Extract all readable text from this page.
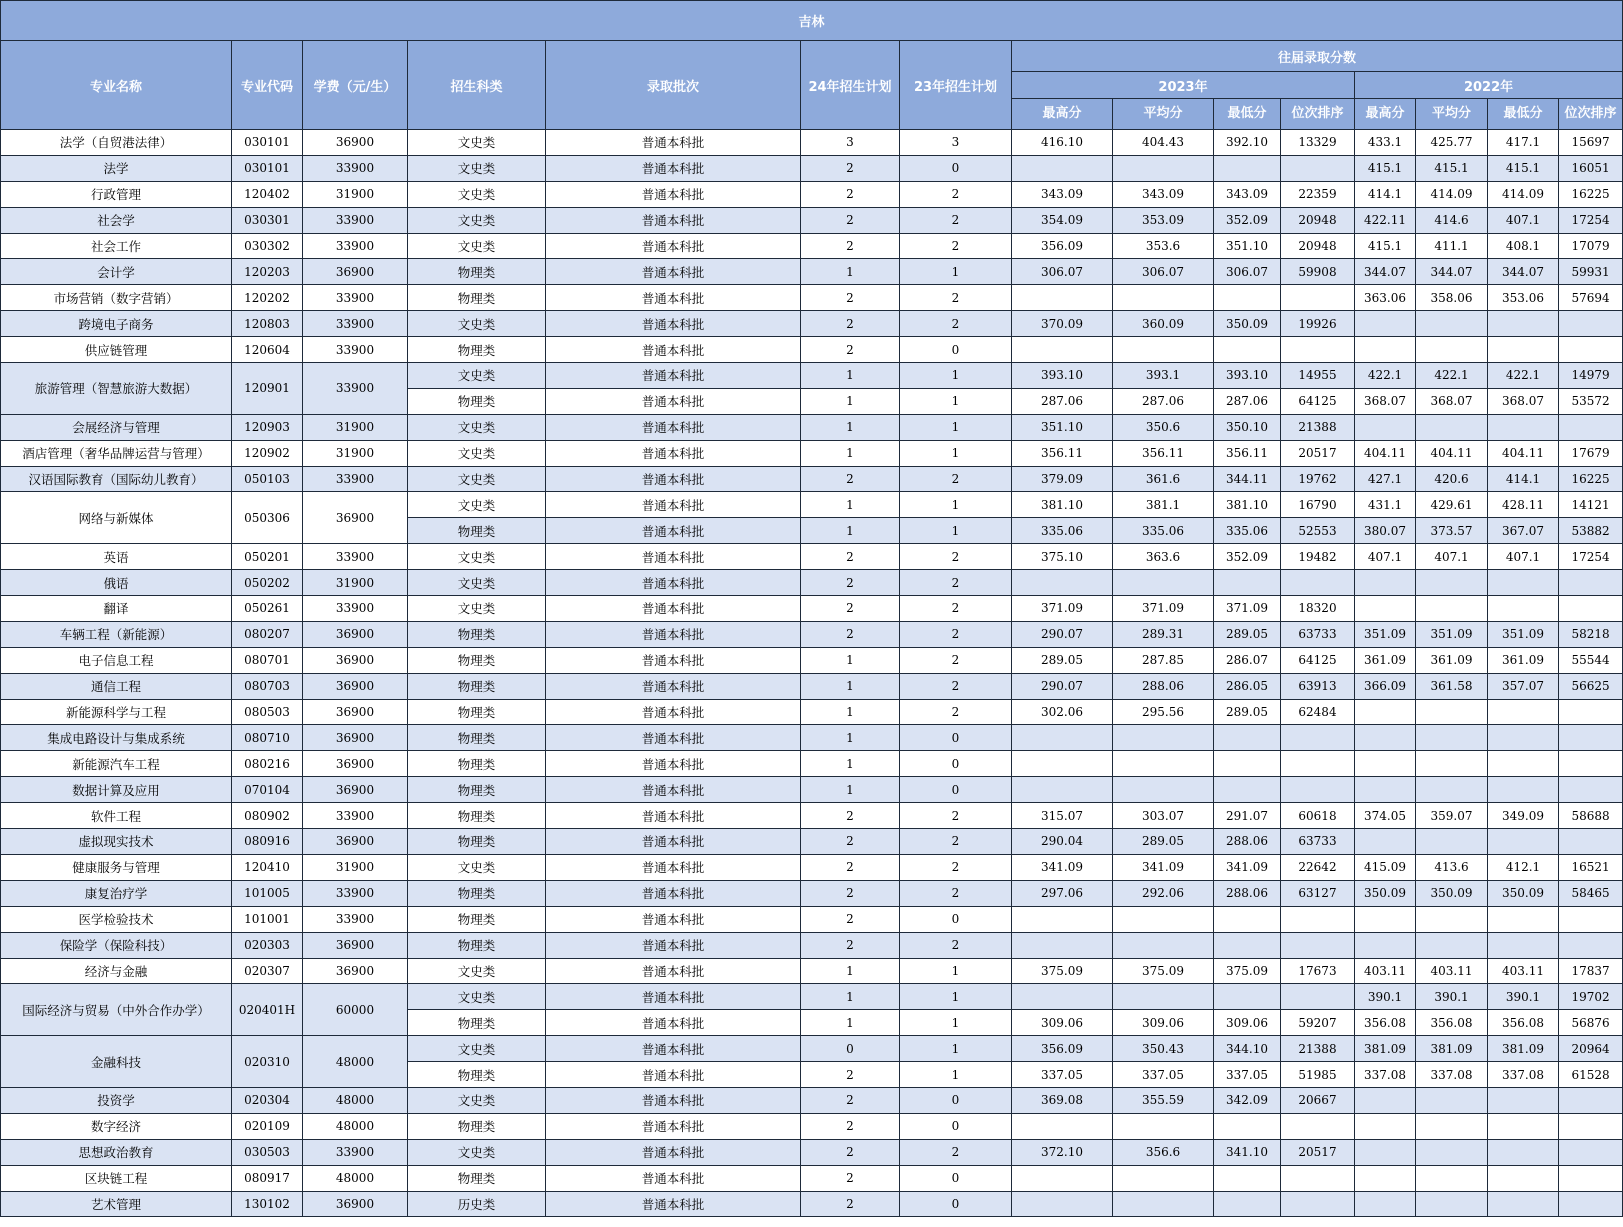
吉林														
专业名称	专业代码	学费（元/生）	招生科类	录取批次	24年招生计划	23年招生计划	往届录取分数							
							2023年				2022年			
							最高分	平均分	最低分	位次排序	最高分	平均分	最低分	位次排序
法学（自贸港法律）	030101	36900	文史类	普通本科批	3	3	416.10	404.43	392.10	13329	433.1	425.77	417.1	15697
法学	030101	33900	文史类	普通本科批	2	0					415.1	415.1	415.1	16051
行政管理	120402	31900	文史类	普通本科批	2	2	343.09	343.09	343.09	22359	414.1	414.09	414.09	16225
社会学	030301	33900	文史类	普通本科批	2	2	354.09	353.09	352.09	20948	422.11	414.6	407.1	17254
社会工作	030302	33900	文史类	普通本科批	2	2	356.09	353.6	351.10	20948	415.1	411.1	408.1	17079
会计学	120203	36900	物理类	普通本科批	1	1	306.07	306.07	306.07	59908	344.07	344.07	344.07	59931
市场营销（数字营销）	120202	33900	物理类	普通本科批	2	2					363.06	358.06	353.06	57694
跨境电子商务	120803	33900	文史类	普通本科批	2	2	370.09	360.09	350.09	19926				
供应链管理	120604	33900	物理类	普通本科批	2	0								
旅游管理（智慧旅游大数据）	120901	33900	文史类	普通本科批	1	1	393.10	393.1	393.10	14955	422.1	422.1	422.1	14979
			物理类	普通本科批	1	1	287.06	287.06	287.06	64125	368.07	368.07	368.07	53572
会展经济与管理	120903	31900	文史类	普通本科批	1	1	351.10	350.6	350.10	21388				
酒店管理（奢华品牌运营与管理）	120902	31900	文史类	普通本科批	1	1	356.11	356.11	356.11	20517	404.11	404.11	404.11	17679
汉语国际教育（国际幼儿教育）	050103	33900	文史类	普通本科批	2	2	379.09	361.6	344.11	19762	427.1	420.6	414.1	16225
网络与新媒体	050306	36900	文史类	普通本科批	1	1	381.10	381.1	381.10	16790	431.1	429.61	428.11	14121
			物理类	普通本科批	1	1	335.06	335.06	335.06	52553	380.07	373.57	367.07	53882
英语	050201	33900	文史类	普通本科批	2	2	375.10	363.6	352.09	19482	407.1	407.1	407.1	17254
俄语	050202	31900	文史类	普通本科批	2	2								
翻译	050261	33900	文史类	普通本科批	2	2	371.09	371.09	371.09	18320				
车辆工程（新能源）	080207	36900	物理类	普通本科批	2	2	290.07	289.31	289.05	63733	351.09	351.09	351.09	58218
电子信息工程	080701	36900	物理类	普通本科批	1	2	289.05	287.85	286.07	64125	361.09	361.09	361.09	55544
通信工程	080703	36900	物理类	普通本科批	1	2	290.07	288.06	286.05	63913	366.09	361.58	357.07	56625
新能源科学与工程	080503	36900	物理类	普通本科批	1	2	302.06	295.56	289.05	62484				
集成电路设计与集成系统	080710	36900	物理类	普通本科批	1	0								
新能源汽车工程	080216	36900	物理类	普通本科批	1	0								
数据计算及应用	070104	36900	物理类	普通本科批	1	0								
软件工程	080902	33900	物理类	普通本科批	2	2	315.07	303.07	291.07	60618	374.05	359.07	349.09	58688
虚拟现实技术	080916	36900	物理类	普通本科批	2	2	290.04	289.05	288.06	63733				
健康服务与管理	120410	31900	文史类	普通本科批	2	2	341.09	341.09	341.09	22642	415.09	413.6	412.1	16521
康复治疗学	101005	33900	物理类	普通本科批	2	2	297.06	292.06	288.06	63127	350.09	350.09	350.09	58465
医学检验技术	101001	33900	物理类	普通本科批	2	0								
保险学（保险科技）	020303	36900	物理类	普通本科批	2	2								
经济与金融	020307	36900	文史类	普通本科批	1	1	375.09	375.09	375.09	17673	403.11	403.11	403.11	17837
国际经济与贸易（中外合作办学）	020401H	60000	文史类	普通本科批	1	1					390.1	390.1	390.1	19702
			物理类	普通本科批	1	1	309.06	309.06	309.06	59207	356.08	356.08	356.08	56876
金融科技	020310	48000	文史类	普通本科批	0	1	356.09	350.43	344.10	21388	381.09	381.09	381.09	20964
			物理类	普通本科批	2	1	337.05	337.05	337.05	51985	337.08	337.08	337.08	61528
投资学	020304	48000	文史类	普通本科批	2	0	369.08	355.59	342.09	20667				
数字经济	020109	48000	物理类	普通本科批	2	0								
思想政治教育	030503	33900	文史类	普通本科批	2	2	372.10	356.6	341.10	20517				
区块链工程	080917	48000	物理类	普通本科批	2	0								
艺术管理	130102	36900	历史类	普通本科批	2	0								
